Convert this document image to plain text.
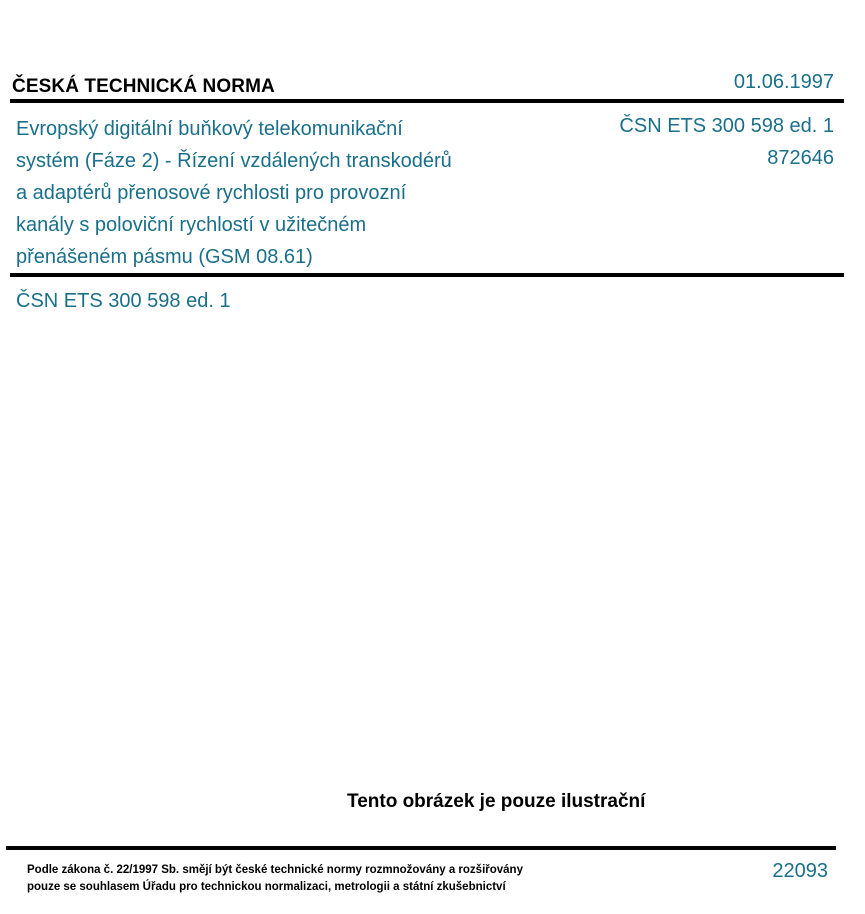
ČESKÁ TECHNICKÁ NORMA	01.06.1997
Evropský digitální buňkový telekomunikační
systém (Fáze 2) - Řízení vzdálených transkodérů
a adaptérů přenosové rychlosti pro provozní
kanály s poloviční rychlostí v užitečném
přenášeném pásmu (GSM 08.61)
ČSN ETS 300 598 ed. 1
872646
ČSN ETS 300 598 ed. 1
Tento obrázek je pouze ilustrační
Podle zákona č. 22/1997 Sb. smějí být české technické normy rozmnožovány a rozšiřovány
pouze se souhlasem Úřadu pro technickou normalizaci, metrologii a státní zkušebnictví
22093
